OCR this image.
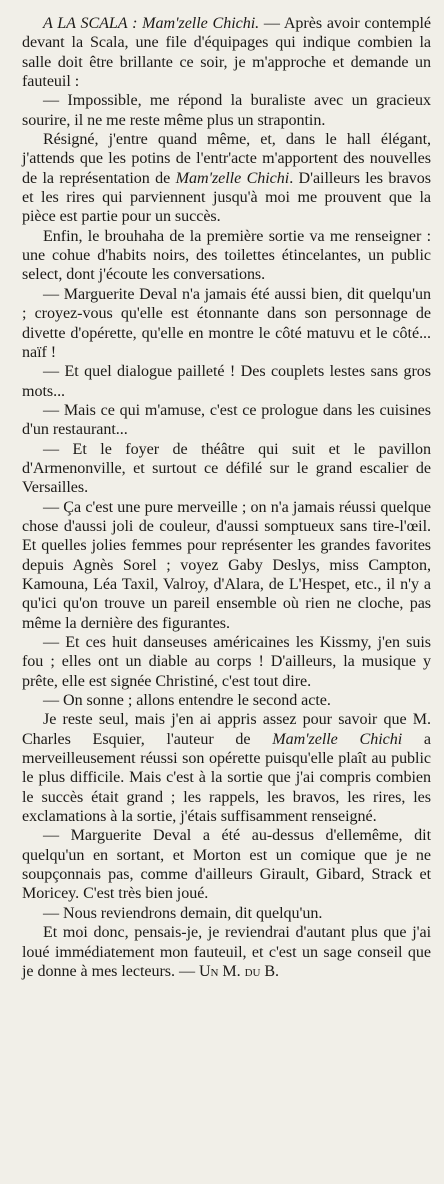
A LA SCALA : Mam'zelle Chichi. — Après avoir contemplé devant la Scala, une file d'équipages qui indique combien la salle doit être brillante ce soir, je m'approche et demande un fauteuil :

— Impossible, me répond la buraliste avec un gracieux sourire, il ne me reste même plus un strapontin.

Résigné, j'entre quand même, et, dans le hall élégant, j'attends que les potins de l'entr'acte m'apportent des nouvelles de la représentation de Mam'zelle Chichi. D'ailleurs les bravos et les rires qui parviennent jusqu'à moi me prouvent que la pièce est partie pour un succès.

Enfin, le brouhaha de la première sortie va me renseigner : une cohue d'habits noirs, des toilettes étincelantes, un public select, dont j'écoute les conversations.

— Marguerite Deval n'a jamais été aussi bien, dit quelqu'un ; croyez-vous qu'elle est étonnante dans son personnage de divette d'opérette, qu'elle en montre le côté matuvu et le côté... naïf !

— Et quel dialogue pailleté ! Des couplets lestes sans gros mots...

— Mais ce qui m'amuse, c'est ce prologue dans les cuisines d'un restaurant...

— Et le foyer de théâtre qui suit et le pavillon d'Armenonville, et surtout ce défilé sur le grand escalier de Versailles.

— Ça c'est une pure merveille ; on n'a jamais réussi quelque chose d'aussi joli de couleur, d'aussi somptueux sans tire-l'œil. Et quelles jolies femmes pour représenter les grandes favorites depuis Agnès Sorel ; voyez Gaby Deslys, miss Campton, Kamouna, Léa Taxil, Valroy, d'Alara, de L'Hespet, etc., il n'y a qu'ici qu'on trouve un pareil ensemble où rien ne cloche, pas même la dernière des figurantes.

— Et ces huit danseuses américaines les Kissmy, j'en suis fou ; elles ont un diable au corps ! D'ailleurs, la musique y prête, elle est signée Christiné, c'est tout dire.

— On sonne ; allons entendre le second acte.

Je reste seul, mais j'en ai appris assez pour savoir que M. Charles Esquier, l'auteur de Mam'zelle Chichi a merveilleusement réussi son opérette puisqu'elle plaît au public le plus difficile. Mais c'est à la sortie que j'ai compris combien le succès était grand ; les rappels, les bravos, les rires, les exclamations à la sortie, j'étais suffisamment renseigné.

— Marguerite Deval a été au-dessus d'ellemême, dit quelqu'un en sortant, et Morton est un comique que je ne soupçonnais pas, comme d'ailleurs Girault, Gibard, Strack et Moricey. C'est très bien joué.

— Nous reviendrons demain, dit quelqu'un.

Et moi donc, pensais-je, je reviendrai d'autant plus que j'ai loué immédiatement mon fauteuil, et c'est un sage conseil que je donne à mes lecteurs. — Un M. du B.
